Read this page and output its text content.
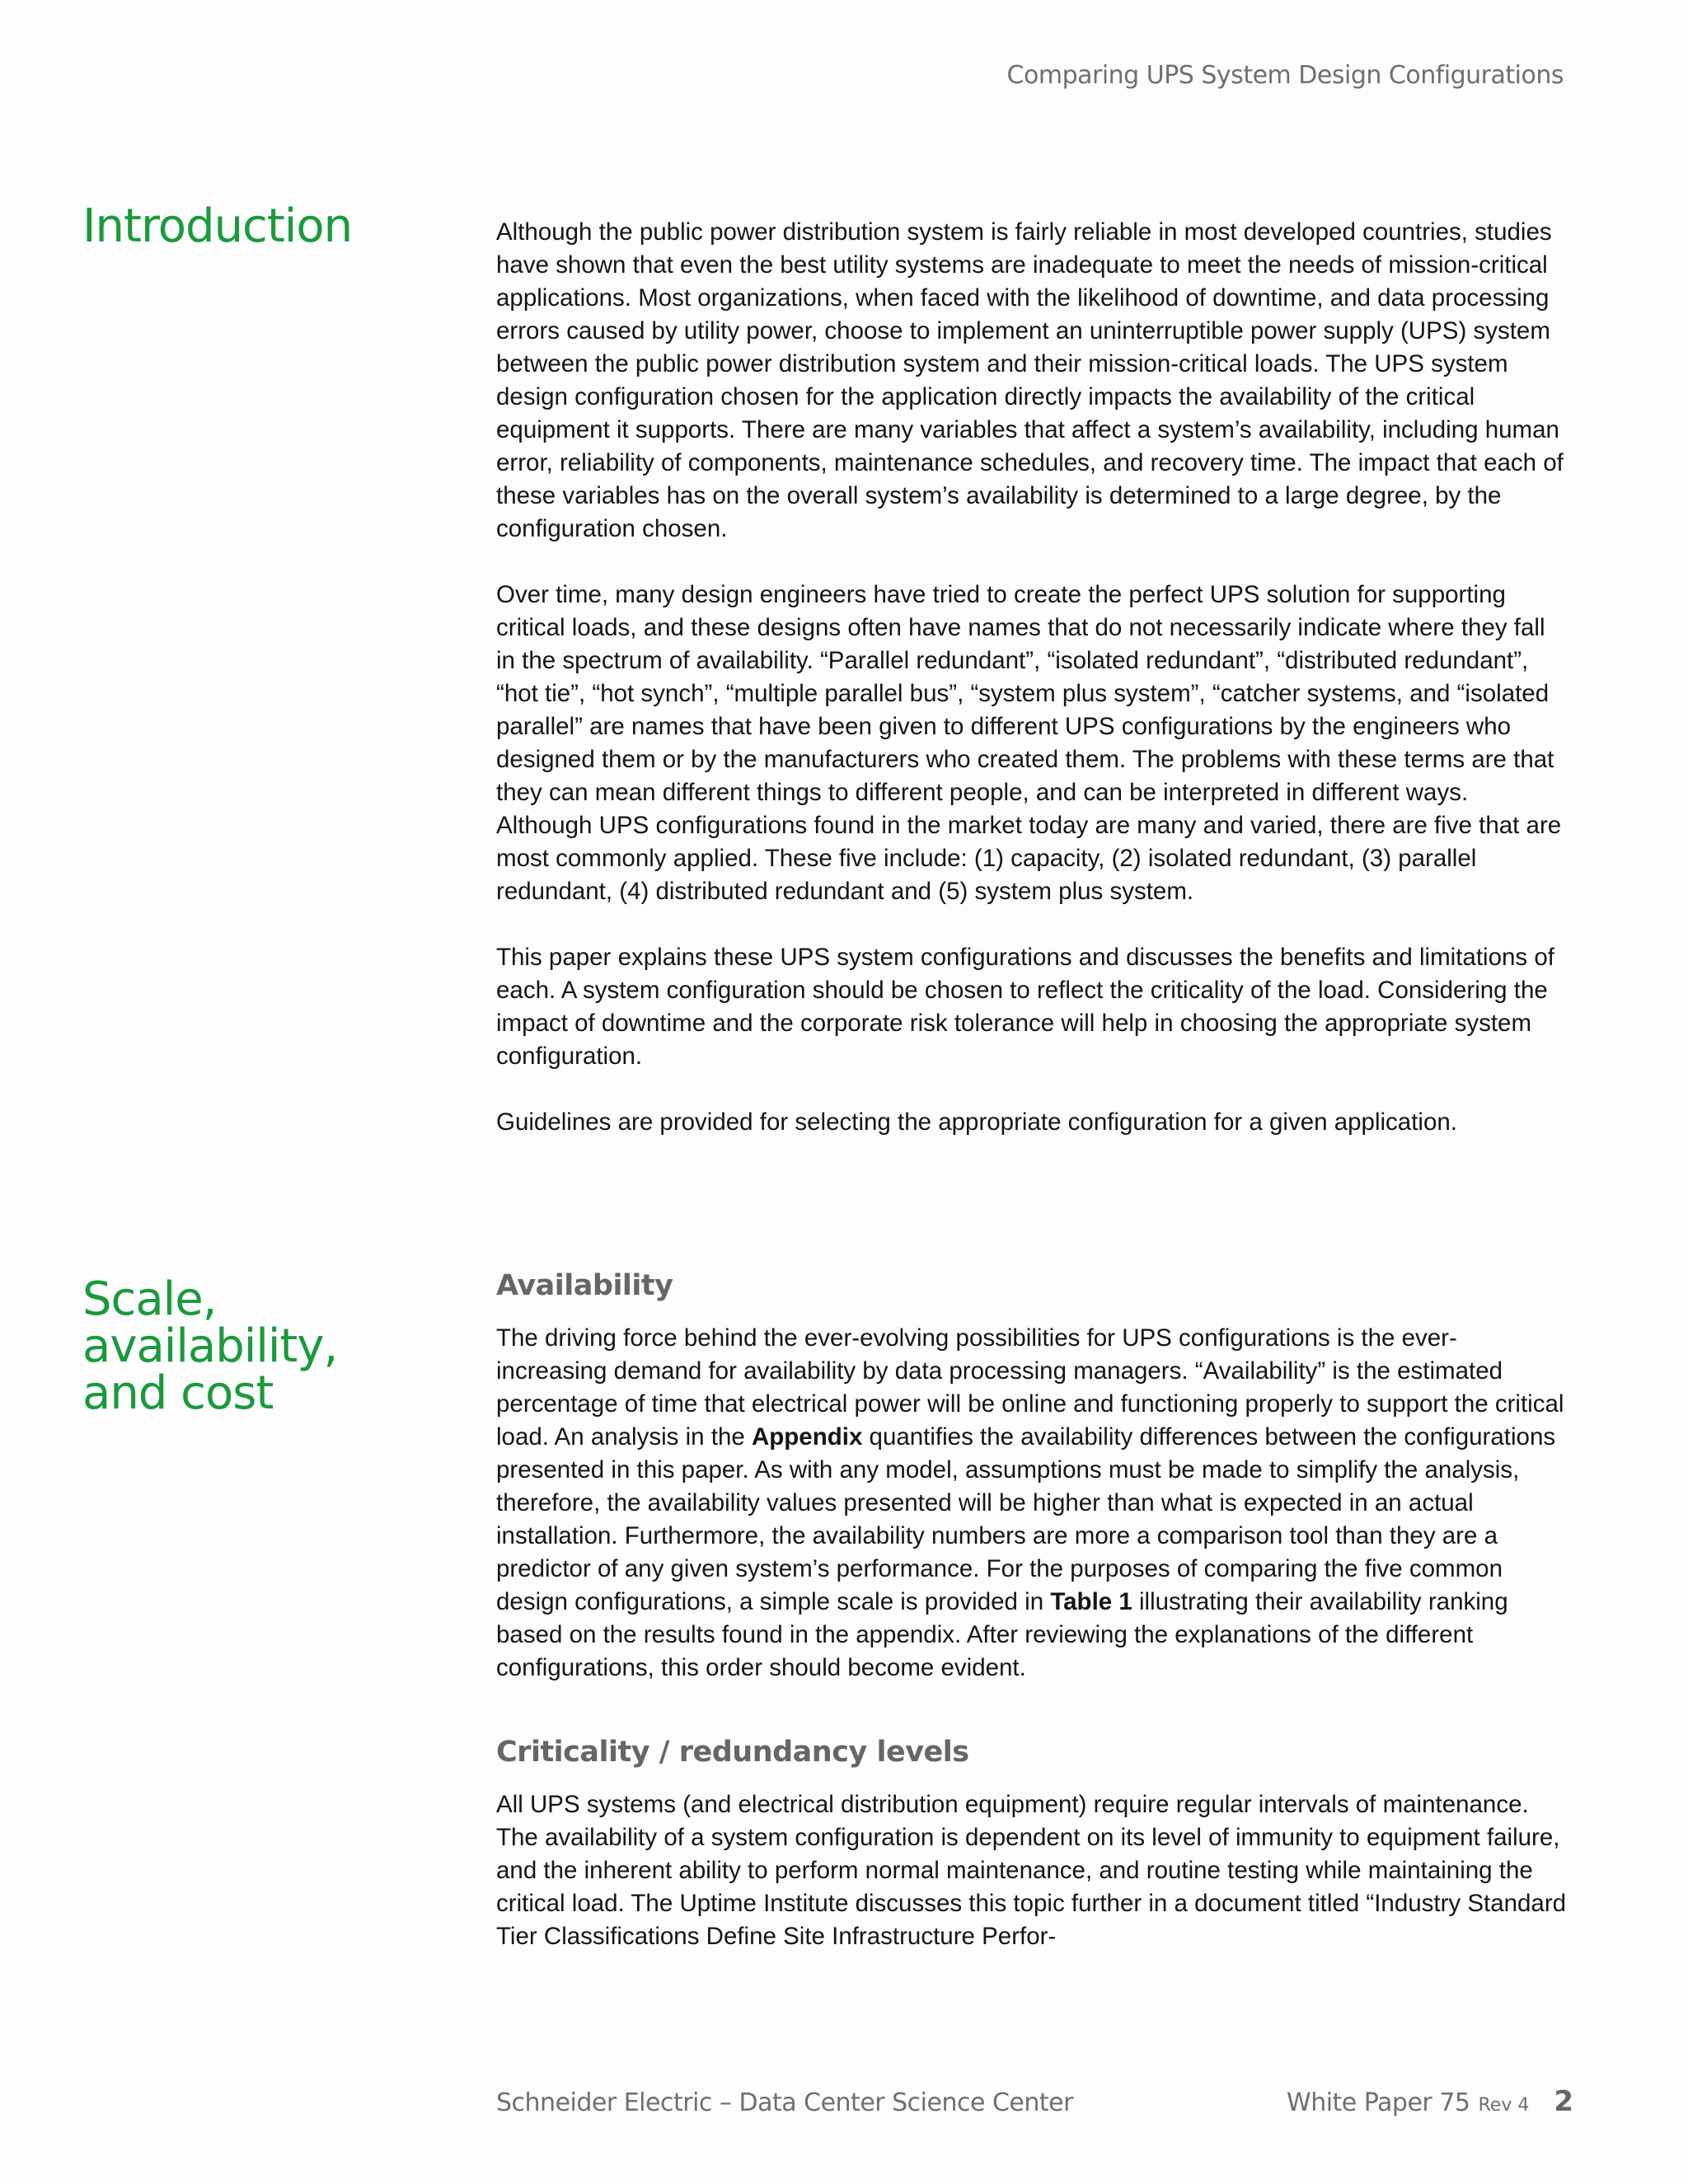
Comparing UPS System Design Configurations
Introduction	Although the public power distribution system is fairly reliable in most developed countries, studies have shown that even the best utility systems are inadequate to meet the needs of mission-critical applications. Most organizations, when faced with the likelihood of downtime, and data processing errors caused by utility power, choose to implement an uninterruptible power supply (UPS) system between the public power distribution system and their mission-critical loads. The UPS system design configuration chosen for the application directly impacts the availability of the critical equipment it supports. There are many variables that affect a system’s availability, including human error, reliability of components, maintenance schedules, and recovery time. The impact that each of these variables has on the overall system’s availability is determined to a large degree, by the configuration chosen.

Over time, many design engineers have tried to create the perfect UPS solution for supporting critical loads, and these designs often have names that do not necessarily indicate where they fall in the spectrum of availability. “Parallel redundant”, “isolated redundant”, “distributed redundant”, “hot tie”, “hot synch”, “multiple parallel bus”, “system plus system”, “catcher systems, and “isolated parallel” are names that have been given to different UPS configurations by the engineers who designed them or by the manufacturers who created them. The problems with these terms are that they can mean different things to different people, and can be interpreted in different ways. Although UPS configurations found in the market today are many and varied, there are five that are most commonly applied. These five include: (1) capacity, (2) isolated redundant, (3) parallel redundant, (4) distributed redundant and (5) system plus system.

This paper explains these UPS system configurations and discusses the benefits and limitations of each. A system configuration should be chosen to reflect the criticality of the load. Considering the impact of downtime and the corporate risk tolerance will help in choosing the appropriate system configuration.

Guidelines are provided for selecting the appropriate configuration for a given application.

Scale,
availability,
and cost
Availability

The driving force behind the ever-evolving possibilities for UPS configurations is the ever-increasing demand for availability by data processing managers. “Availability” is the estimated percentage of time that electrical power will be online and functioning properly to support the critical load. An analysis in the Appendix quantifies the availability differences between the configurations presented in this paper. As with any model, assumptions must be made to simplify the analysis, therefore, the availability values presented will be higher than what is expected in an actual installation. Furthermore, the availability numbers are more a comparison tool than they are a predictor of any given system’s performance. For the purposes of comparing the five common design configurations, a simple scale is provided in Table 1 illustrating their availability ranking based on the results found in the appendix. After reviewing the explanations of the different configurations, this order should become evident.

Criticality / redundancy levels

All UPS systems (and electrical distribution equipment) require regular intervals of maintenance. The availability of a system configuration is dependent on its level of immunity to equipment failure, and the inherent ability to perform normal maintenance, and routine testing while maintaining the critical load. The Uptime Institute discusses this topic further in a document titled “Industry Standard Tier Classifications Define Site Infrastructure Perfor-

Schneider Electric – Data Center Science Center	White Paper 75 Rev 4 2
